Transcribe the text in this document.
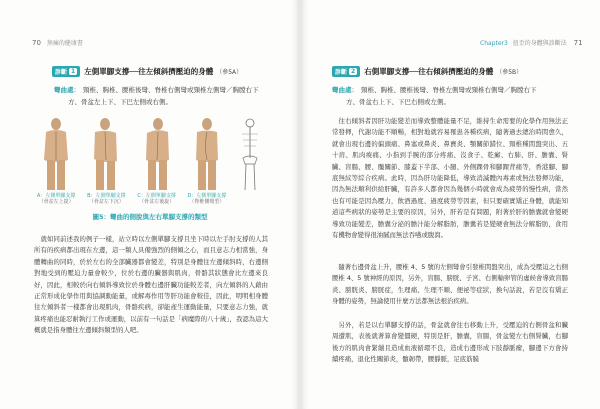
70 無痛的健康書
診斷 1 左側單腳支撐──往左傾斜擠壓迫的身體 （參5A）
彎曲處： 頸椎、胸椎、腰椎後彎、脊椎右側彎或頸椎左側彎／胸膛右下
方、骨盆左上下、下巴左側或右側。
A：左側單腳支撐
（骨盆左上提）
B：左側單腳支撐
（骨盆左下沉）
C：左側單腳支撐
（骨盆左後旋）
D：左側單腳支撐
（脊椎側彎型）
圖5：彎曲的側脫與左右單腳支撐的類型
　就如同前述我的例子一樣，站立時以左側單腳支撐且坐下時以左手肘支撐的人其所有的疾病都出現在左邊，這一類人具備強烈的側傾之心，而且意志力相當強，身體轉曲的同時，於於左右的全部臟器都會變差，特別是身體往左邊傾斜時，右邊側對地受到的壓迫力量會較少，位於右邊的臟器與肌肉，骨骼其狀態會比左邊來良好，因此，相較於向右傾斜導致位於身體右邊肝臟功能較差者，向左傾斜的人藉由正常形成化學作用與協調動能量，或解毒作用等肝功能會較佳，因此，明明相身體往左傾斜者一樣都會出現肌肉，骨骼疾病，卻能產生運動能量，只要意志力強，就算疼痛也能忍耐執行工作或運動，以前有一句話是「病魔際的八十歲」，我認為這大概就是指身體往左邊傾斜類型的人吧。
Chapter3 扭歪的身體與診斷法 71
診斷 2 右側單腳支撐──往右傾斜擠壓迫的身體 （參5B）
彎曲處： 頸椎、胸椎、腰椎後彎、脊椎左側彎或頸椎右側彎／胸膛右下
方、骨盆右上下、下巴右側或左側。
　往右傾斜者因肝功能變差而導致整體能量不足，維持生命需要的化學作用無法正常發揮，代謝功能不順暢，相對地就容易罹患各種疾病，隨著過去總治時間愈久，就會出現右邊的偏頭痛、鼻塞或鼻炎、鼻竇炎、顎關節錯位、頸椎種間盤突出、五十肩、肌肉痠痛、小指到手腕的部分疼痛、沒食子、乾癬、右肺、肝、膽囊、腎臟、盲腸、腰、髖關節、膝蓋下半部、小腿、外側踝骨和腳踝背痛等，香港腳、腳底無紋等綜合疾病。此時，因為肝功能降低，導致消滅體內毒素或無法發揮功能，因為無法順利供給肝臟，有許多人都會因為幾個小時就會成為疲勞的慢性病，當然也有可能是因為壓力，飲酒過度、過度疲勞等因素，但只要確實矯正身體，就能知道這些病狀的姿勢是主要的原因，另外，肝若是有問題，附著於肝的膽囊就會變硬導致功能變差，膽囊分泌的膽汁能分解脂肪，膽囊若是變硬會無法分解脂肪，食用有機物會變得很油膩而無法吞嚥或腹瀉。
　隨著右邊骨盆上升，腰椎 4、5 號的左側彎會引發椎間盤突出，成為受壓迫之右側腰椎 4、5 號神經的原因，另外，盲腸、膀胱、子宮、右側輸卵管的虛候會導致盲腸炎、膀胱炎、膀胱症，生理痛、生理不順、便祕等症狀，換句話說，若是沒有矯正身體的姿勢，無論使用什麼方法都無法根治疾病。
　另外，若是以右單腳支撐的話，骨盆就會往右移動上升，受壓迫的右側骨盆和臟周遭肌，表後就著算會變僵硬，特別是肝，膽囊，盲腸，骨盆變左右側腎臟，右腳後方的肌肉會緊繃且造成血液循環不良，造成右邊形成下肢靜脈瘤，腳邊下方會持續疼痛，退化性關節炎，髕韌帶，腰靜脈，足底筋膜
